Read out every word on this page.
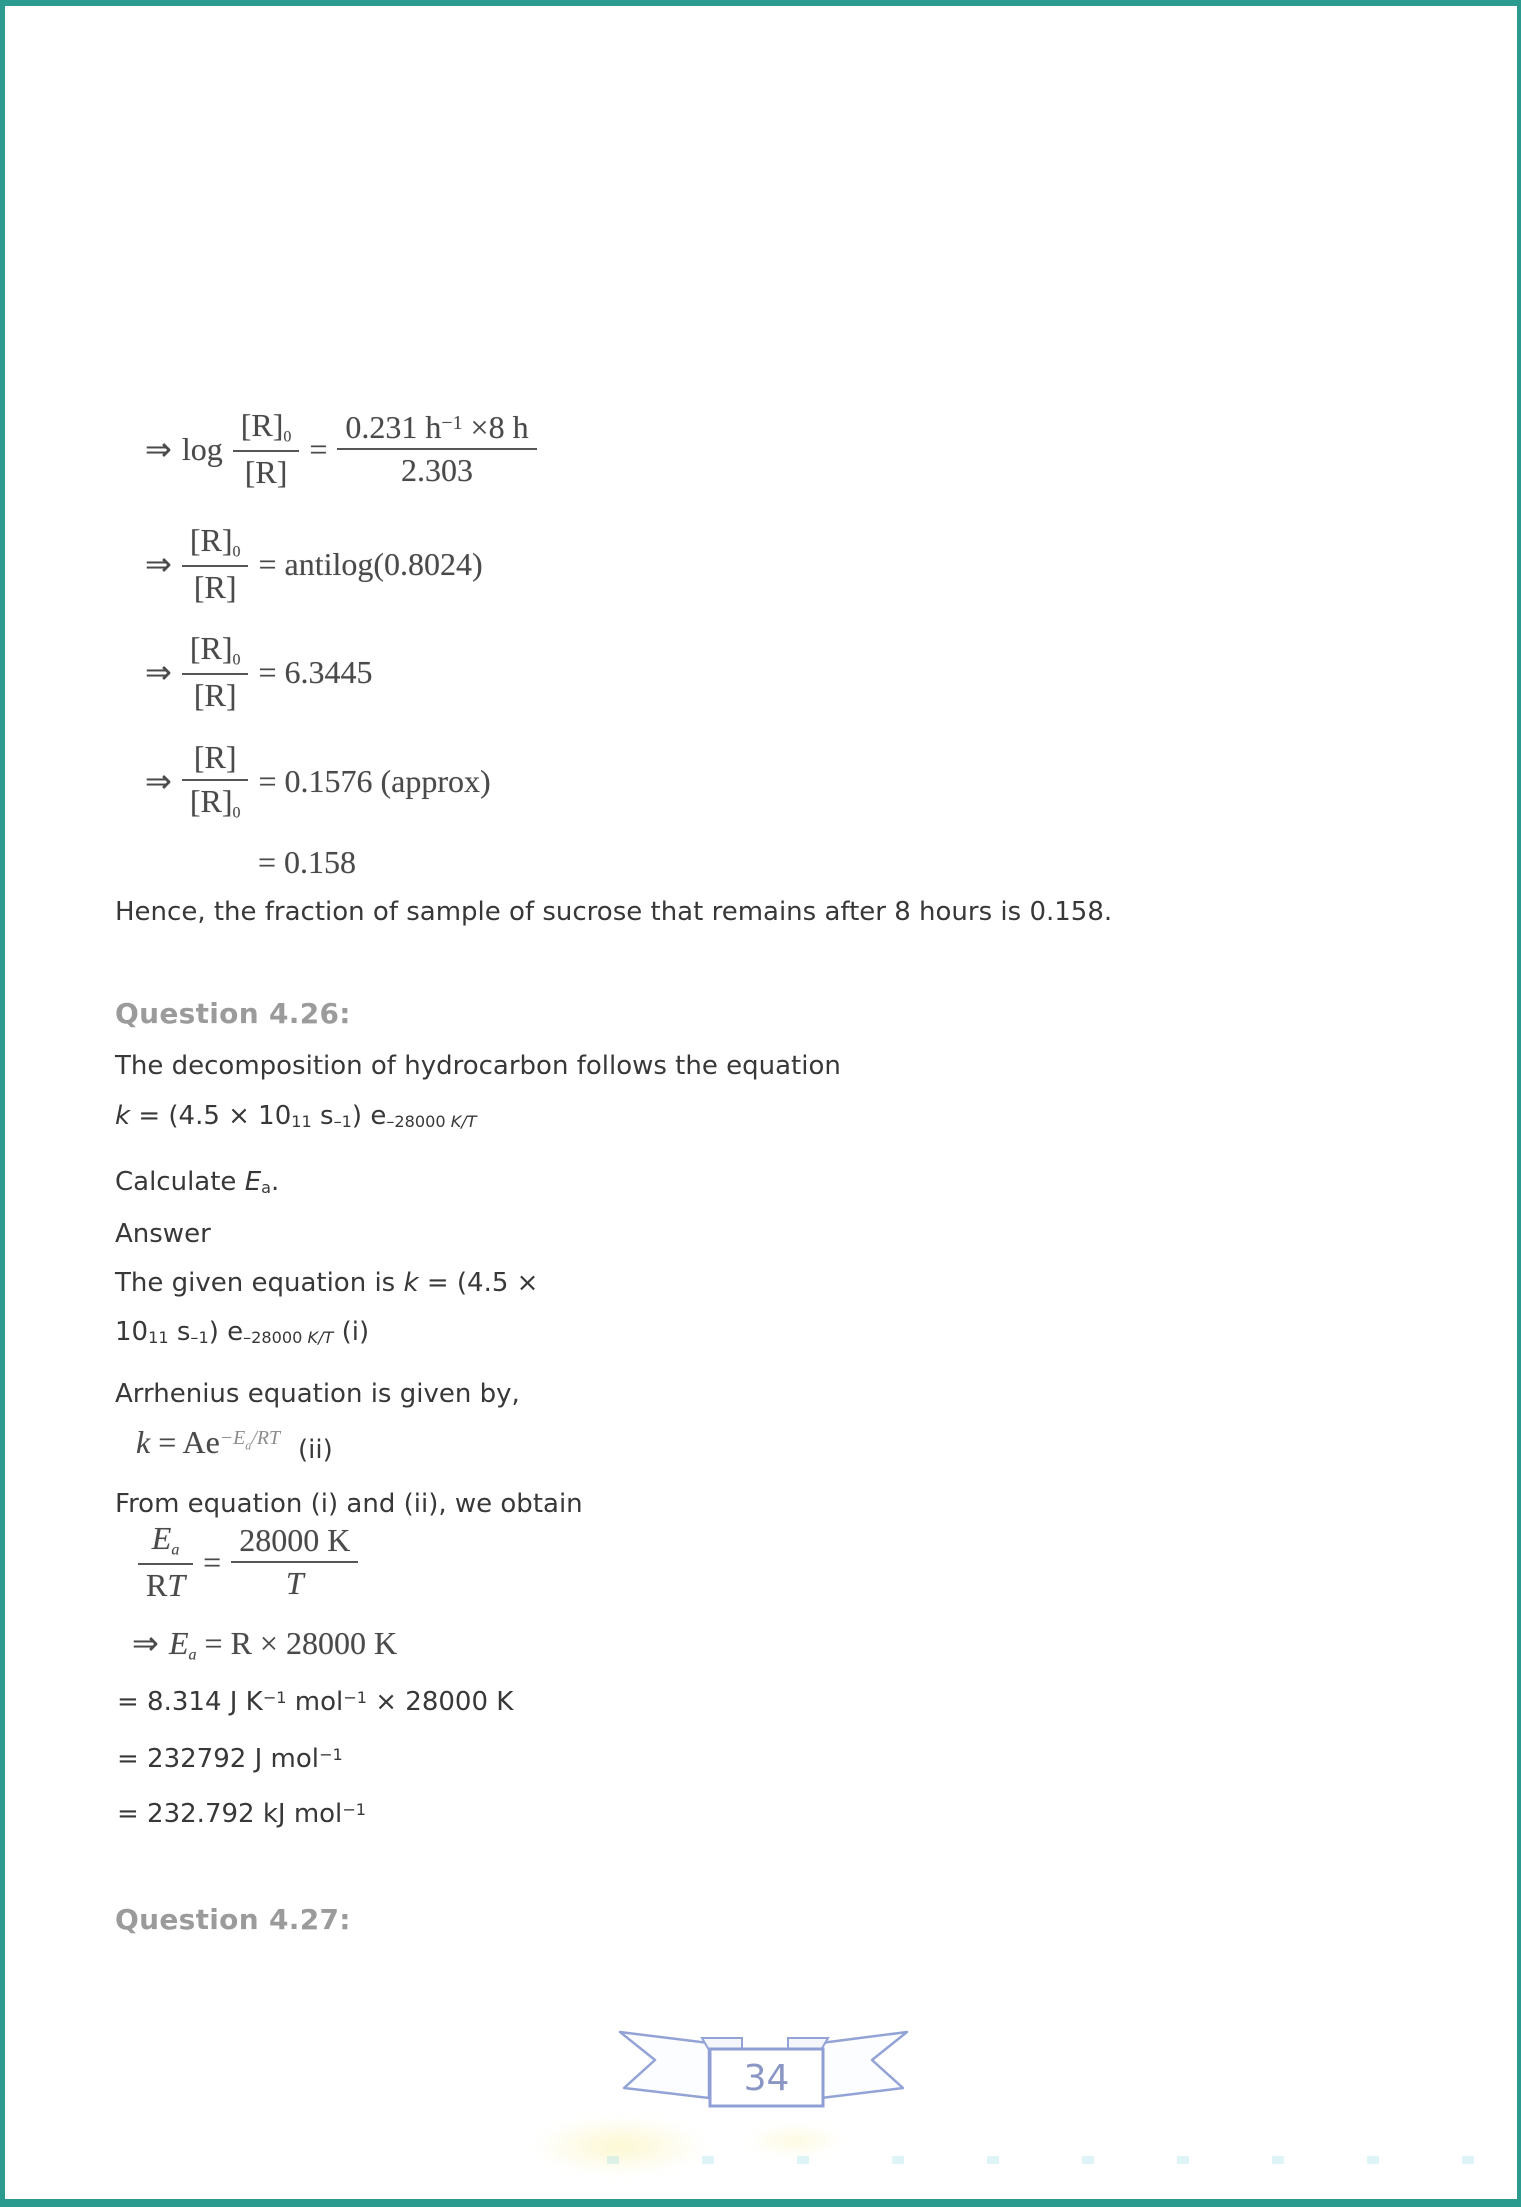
⇒ $\log \frac{[R]0}{[R]} = \frac{0.231 h^{-1} \times 8 h}{2.303}$
⇒ $\frac{[R]0}{[R]}$ = antilog(0.8024)
⇒ $\frac{[R]0}{[R]} = 6.3445$
⇒ $\frac{[R]}{[R]0} = 0.1576$ (approx)
= 0.158
Hence, the fraction of sample of sucrose that remains after 8 hours is 0.158.
Question 4.26:
The decomposition of hydrocarbon follows the equation
$k = (4.5 \times 10_{11}$ $s_{-1}$) $e_{-28000}$ $_{K/T}$
Calculate $E_a$.
Answer
The given equation is k = (4.5 ×
$10_{11}$ $s_{-1}$) $e_{-28000}$ $_{K/T}$ (i)
Arrhenius equation is given by,
$k = Ae^{-E}a^{/RT}$ (ii)
From equation (i) and (ii), we obtain
$\frac{Ea}{RT} = \frac{28000 K}{T}$
⇒ Ea = R × 28000 K
= 8.314 J $K^{-1}$ mol$^{-1}$ × 28000 K
= 232792 J mol$^{-1}$
= 232.792 kJ mol$^{-1}$
Question 4.27:
34
